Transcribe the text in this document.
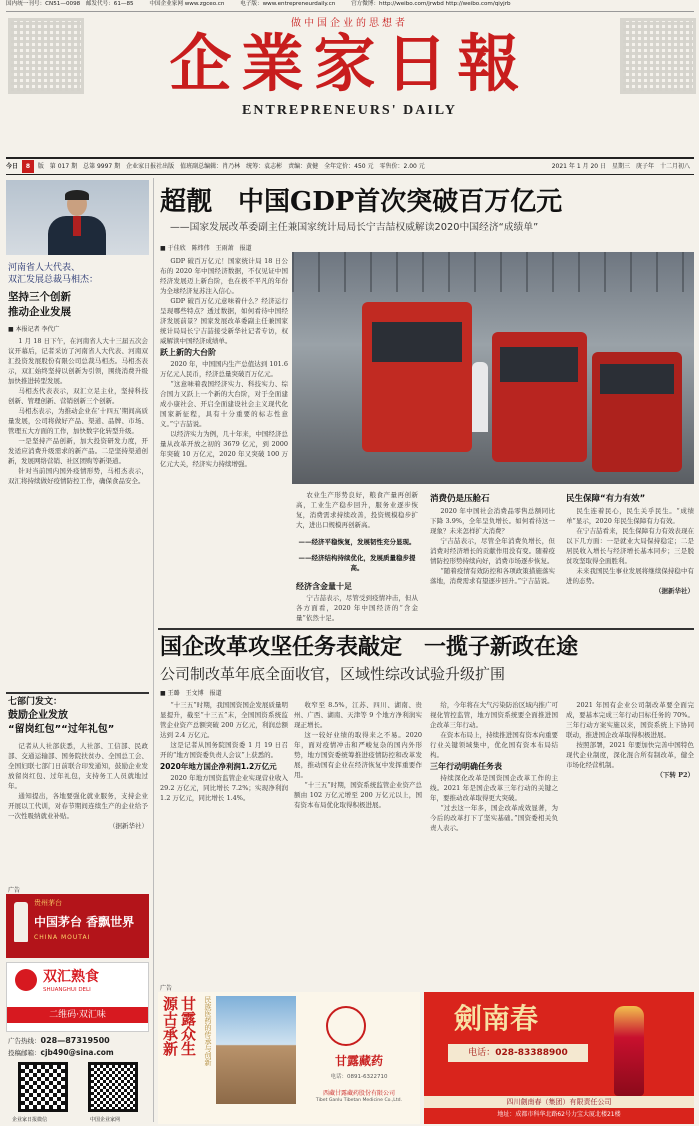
国内统一刊号：CN51—0098　邮发代号：61—85	中国企业家网 www.zgceo.cn	电子版：www.entrepreneurdaily.cn	官方微博：http://weibo.com/jrwbd http://weibo.com/qiyjrb
做中国企业的思想者
企業家日報
ENTREPRENEURS' DAILY
今日 8 版 第 017 期　总第 9997 期　企业家日报社出版　值班副总编辑：肖乃林　统筹：袁志彬　责编：黄健　全年定价：450 元　零售价：2.00 元	2021 年 1 月 20 日　星期三　庚子年　十二月初八
河南省人大代表、
双汇发展总裁马相杰：
坚持三个创新
推动企业发展
■ 本报记者 李代广

1 月 18 日下午，在河南省人大十三届五次会议开幕后，记者采访了河南省人大代表、河南双汇投资发展股份有限公司总裁马相杰。马相杰表示，双汇始终坚持以创新为引领，围绕消费升级加快推进转型发展。

马相杰代表表示，双汇立足主业，坚持科技创新、管理创新、营销创新三个创新。

马相杰表示，为推动企业在‘十四五’期间高质量发展，公司将做好产品、渠道、品牌、市场、管理五大方面的工作，加快数字化转型升级。

一是坚持产品创新，加大投资研发力度，开发适应消费升级需求的新产品。二是坚持渠道创新，发展网络营销、社区团购等新渠道。

针对当前国内国外疫情形势，马相杰表示，双汇将持续做好疫情防控工作，确保食品安全。

七部门发文：
鼓励企业发放
“留岗红包”“过年礼包”

记者从人社部获悉，人社部、工信部、民政部、交通运输部、国务院扶贫办、全国总工会、全国妇联七部门日前联合印发通知，鼓励企业发放留岗红包、过年礼包，支持务工人员就地过年。

通知提出，各地要强化就业服务，支持企业开展以工代训，对春节期间连续生产的企业给予一次性吸纳就业补贴。

（据新华社）

广告
贵州茅台
中国茅台 香飘世界
CHINA MOUTAI
双汇熟食
SHUANGHUI DELI
二维码·双汇味
广告热线：028—87319500
投稿邮箱：cjb490@sina.com
企业家日报微信	中国企业家网
超靓　中国GDP首次突破百万亿元
——国家发展改革委副主任兼国家统计局局长宁吉喆权威解读2020中国经济“成绩单”
■ 于佳欣　陈炜伟　王雨萧　报道

GDP 破百万亿元！国家统计局 18 日公布的 2020 年中国经济数据，不仅见证中国经济发展迈上新台阶，也在极不平凡的年份为全球经济复苏注入信心。

GDP 破百万亿元意味着什么？经济运行呈现哪些特点？透过数据，如何看待中国经济发展前景？国家发展改革委副主任兼国家统计局局长宁吉喆接受新华社记者专访，权威解读中国经济成绩单。

跃上新的大台阶

2020 年，中国国内生产总值达到 101.6 万亿元人民币，经济总量突破百万亿元。

“这意味着我国经济实力、科技实力、综合国力又跃上一个新的大台阶，对于全面建成小康社会、开启全面建设社会主义现代化国家新征程，具有十分重要的标志性意义。”宁吉喆说。

以经济实力为例，几十年来，中国经济总量从改革开放之初的 3679 亿元，到 2000 年突破 10 万亿元，2020 年又突破 100 万亿元大关，经济实力持续增强。

农业生产形势良好，粮食产量再创新高，工业生产稳步回升，服务业逐步恢复，消费需求持续改善，投资规模稳步扩大，进出口规模再创新高。

——经济平稳恢复，发展韧性充分显现。

——经济结构持续优化，发展质量稳步提高。

经济含金量十足

宁吉喆表示，尽管受到疫情冲击，但从各方面看，2020 年中国经济的“含金量”依然十足。

消费仍是压舱石

2020 年中国社会消费品零售总额同比下降 3.9%，全年呈负增长。如何看待这一现象？未来怎样扩大消费？

宁吉喆表示，尽管全年消费负增长，但消费对经济增长的贡献作用没有变。随着疫情防控形势持续向好，消费市场逐步恢复。

“随着疫情有效防控和各项政策措施落实落地，消费需求有望逐步回升。”宁吉喆说。

民生保障“有力有效”

民生连着民心，民生关乎民生。“成绩单”显示，2020 年民生保障有力有效。

在宁吉喆看来，民生保障有力有效表现在以下几方面：一是就业大局保持稳定；二是居民收入增长与经济增长基本同步；三是脱贫攻坚取得全面胜利。

未来我国民生事业发展将继续保持稳中有进的态势。

（据新华社）

国企改革攻坚任务表敲定　一揽子新政在途
公司制改革年底全面收官，区域性综改试验升级扩围
■ 王璐　王文博　报道

“十三五”时期，我国国资国企发展质量明显提升，截至“十三五”末，全国国资系统监管企业资产总额突破 200 万亿元，利润总额达到 2.4 万亿元。

这是记者从国务院国资委 1 月 19 日召开的“地方国资委负责人会议”上获悉的。

2020年地方国企净利润1.2万亿元

2020 年地方国资监管企业实现营业收入 29.2 万亿元，同比增长 7.2%；实现净利润 1.2 万亿元，同比增长 1.4%。

收窄至 8.5%，江苏、四川、湖南、贵州、广西、湖南、天津等 9 个地方净利润实现正增长。

这一较好业绩的取得来之不易。2020 年，面对疫情冲击和严峻复杂的国内外形势，地方国资委统筹推进疫情防控和改革发展，推动国有企业在经济恢复中发挥重要作用。

“十三五”时期，国资系统监管企业资产总额由 102 万亿元增至 200 万亿元以上，国有资本布局优化取得积极进展。

给，今年将在大气污染防治区域内推广可视化管控监管，地方国资系统要全面推进国企改革三年行动。

在资本布局上，持续推进国有资本向重要行业关键领域集中，优化国有资本布局结构。

三年行动明确任务表

持续深化改革是国资国企改革工作的主线。2021 年是国企改革三年行动的关键之年，要推动改革取得更大突破。

“过去这一年多，国企改革成效显著，为今后的改革打下了坚实基础。”国资委相关负责人表示。

2021 年国有企业公司制改革要全面完成，要基本完成三年行动目标任务的 70%。三年行动方案实施以来，国资系统上下协同联动，推进国企改革取得积极进展。

按照部署，2021 年要加快完善中国特色现代企业制度，深化混合所有制改革，健全市场化经营机制。

（下转 P2）

广告
源古承新 甘露众生	民族医药的传承与创新	甘露藏药
电话：0891-6322710
西藏甘露藏药股份有限公司
Tibet Ganlu Tibetan Medicine Co.,Ltd.
劍南春
电话：028-83388900
四川劍南春（集团）有限责任公司
地址：成都市科华北路62号力宝大厦北楼21楼
